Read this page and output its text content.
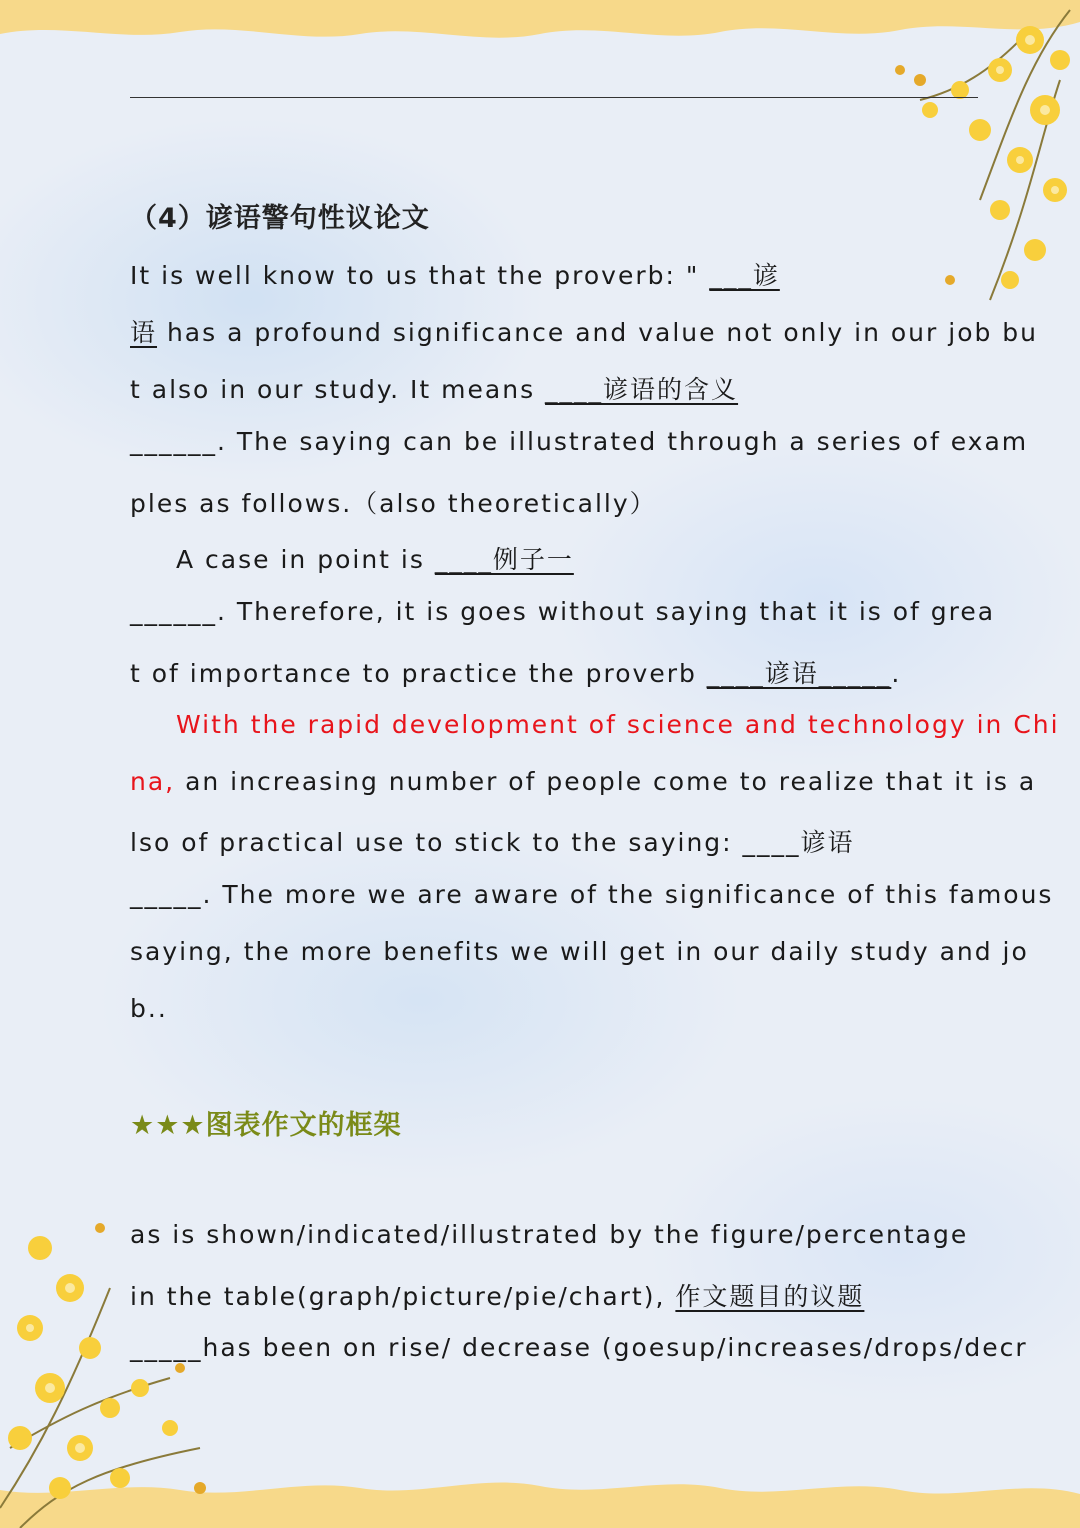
（4）谚语警句性议论文
It is well know to us that the proverb: " ___谚
语 has a profound significance and value not only in our job bu
t also in our study. It means ____谚语的含义
______. The saying can be illustrated through a series of exam
ples as follows.（also theoretically）
A case in point is ____例子一
______. Therefore, it is goes without saying that it is of grea
t of importance to practice the proverb ____谚语_____.
With the rapid development of science and technology in Chi
na, an increasing number of people come to realize that it is a
lso of practical use to stick to the saying: ____谚语
_____. The more we are aware of the significance of this famous
saying, the more benefits we will get in our daily study and jo
b..
★★★图表作文的框架
as is shown/indicated/illustrated by the figure/percentage
in the table(graph/picture/pie/chart), 作文题目的议题
_____has been on rise/ decrease (goesup/increases/drops/decr
